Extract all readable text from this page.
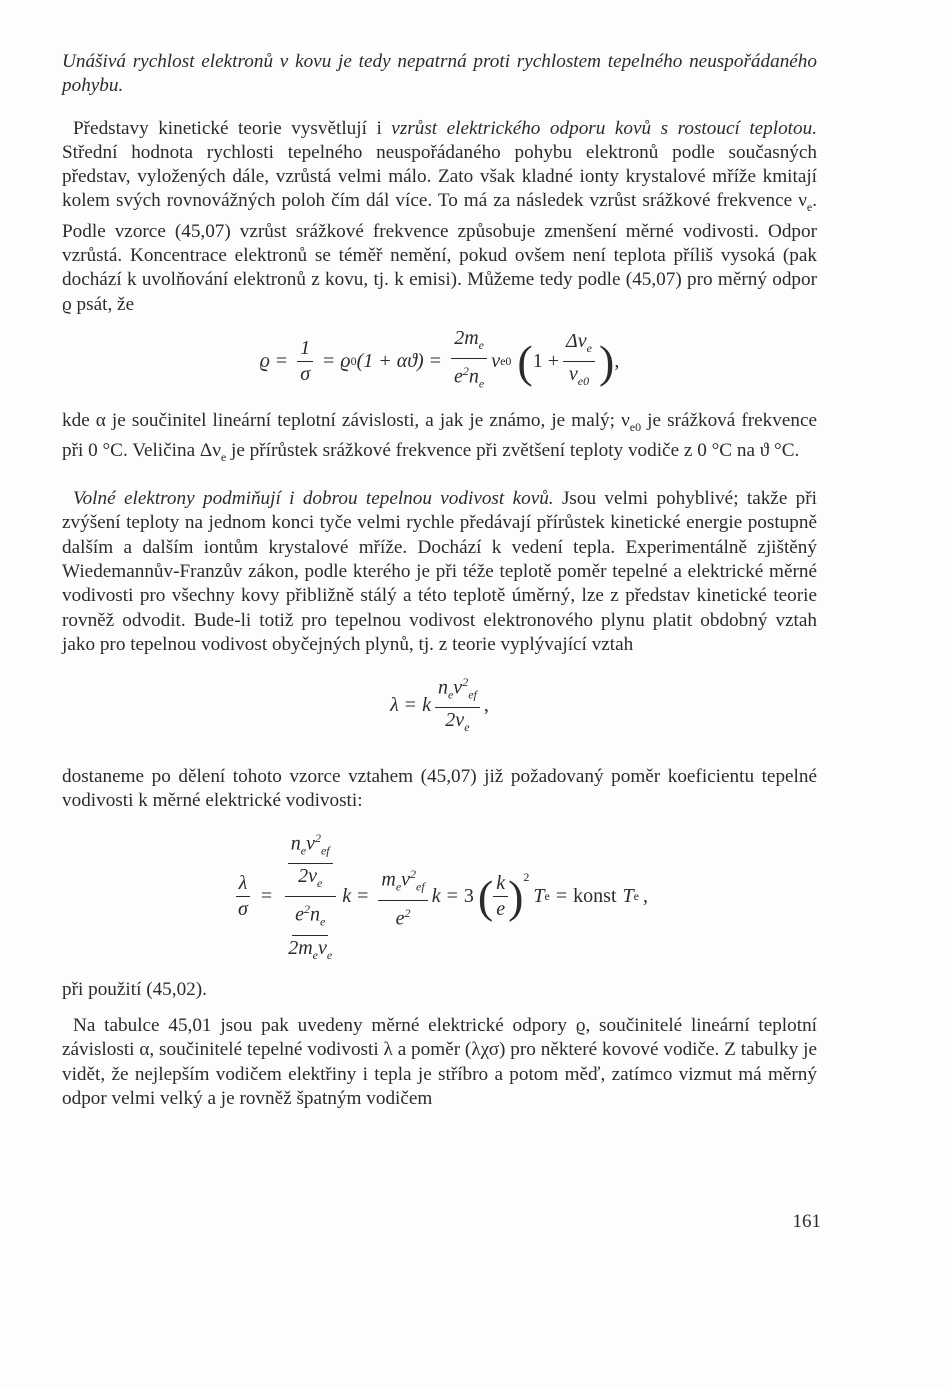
Unášivá rychlost elektronů v kovu je tedy nepatrná proti rychlostem tepelného neuspořádaného pohybu.

Představy kinetické teorie vysvětlují i vzrůst elektrického odporu kovů s rostoucí teplotou. Střední hodnota rychlosti tepelného neuspořádaného pohybu elektronů podle současných představ, vyložených dále, vzrůstá velmi málo. Zato však kladné ionty krystalové mříže kmitají kolem svých rovnovážných poloh čím dál více. To má za následek vzrůst srážkové frekvence $\nu_e$. Podle vzorce (45,07) vzrůst srážkové frekvence způsobuje zmenšení měrné vodivosti. Odpor vzrůstá. Koncentrace elektronů se téměř nemění, pokud ovšem není teplota příliš vysoká (pak dochází k uvolňování elektronů z kovu, tj. k emisi). Můžeme tedy podle (45,07) pro měrný odpor ϱ psát, že

$ϱ = \frac{1}{\sigma} = ϱ$ 0 $(1 + \alpha ϑ) = \frac{2m_e}{e^2n_e}$ ν e0 ( $1 + \frac{\Delta\nu_e}{\nu_{e0}}$ ) ,

kde α je součinitel lineární teplotní závislosti, a jak je známo, je malý; $\nu_{e0}$ je srážková frekvence při 0 °C. Veličina $\Delta\nu_e$ je přírůstek srážkové frekvence při zvětšení teploty vodiče z 0 °C na ϑ °C.

Volné elektrony podmiňují i dobrou tepelnou vodivost kovů. Jsou velmi pohyblivé; takže při zvýšení teploty na jednom konci tyče velmi rychle předávají přírůstek kinetické energie postupně dalším a dalším iontům krystalové mříže. Dochází k vedení tepla. Experimentálně zjištěný Wiedemannův-Franzův zákon, podle kterého je při téže teplotě poměr tepelné a elektrické měrné vodivosti pro všechny kovy přibližně stálý a této teplotě úměrný, lze z představ kinetické teorie rovněž odvodit. Bude-li totiž pro tepelnou vodivost elektronového plynu platit obdobný vztah jako pro tepelnou vodivost obyčejných plynů, tj. z teorie vyplývající vztah

λ = k $\frac{n_ev^2_{ef}}{2\nu_e}$ ,

dostaneme po dělení tohoto vzorce vztahem (45,07) již požadovaný poměr koeficientu tepelné vodivosti k měrné elektrické vodivosti:

$\frac{\lambda}{\sigma} = \frac{\frac{n_ev^2_{ef}}{2\nu_e}}{\frac{e^2n_e}{2m_e\nu_e}}$ $k = \frac{m_ev^2_{ef}}{e^2}$ k = 3 ( $\frac{k}{e} )^2$
T e = konst T e ,

při použití (45,02).

Na tabulce 45,01 jsou pak uvedeny měrné elektrické odpory ϱ, součinitelé lineární teplotní závislosti α, součinitelé tepelné vodivosti λ a poměr (λχσ) pro některé kovové vodiče. Z tabulky je vidět, že nejlepším vodičem elektřiny i tepla je stříbro a potom měď, zatímco vizmut má měrný odpor velmi velký a je rovněž špatným vodičem

161
